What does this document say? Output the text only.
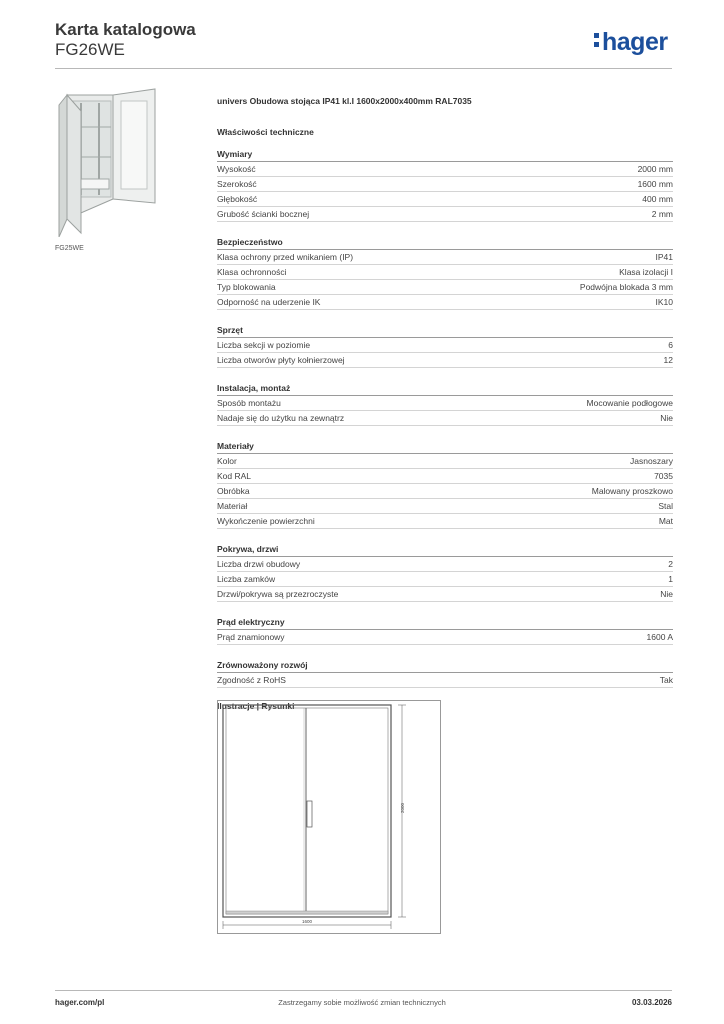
Karta katalogowa
FG26WE	hager
FG25WE
univers Obudowa stojąca IP41 kl.I 1600x2000x400mm RAL7035
Właściwości techniczne
Wymiary
Wysokość	2000 mm
Szerokość	1600 mm
Głębokość	400 mm
Grubość ścianki bocznej	2 mm
Bezpieczeństwo
Klasa ochrony przed wnikaniem (IP)	IP41
Klasa ochronności	Klasa izolacji I
Typ blokowania	Podwójna blokada 3 mm
Odporność na uderzenie IK	IK10
Sprzęt
Liczba sekcji w poziomie	6
Liczba otworów płyty kołnierzowej	12
Instalacja, montaż
Sposób montażu	Mocowanie podłogowe
Nadaje się do użytku na zewnątrz	Nie
Materiały
Kolor	Jasnoszary
Kod RAL	7035
Obróbka	Malowany proszkowo
Materiał	Stal
Wykończenie powierzchni	Mat
Pokrywa, drzwi
Liczba drzwi obudowy	2
Liczba zamków	1
Drzwi/pokrywa są przezroczyste	Nie
Prąd elektryczny
Prąd znamionowy	1600 A
Zrównoważony rozwój
Zgodność z RoHS	Tak
Ilustracje | Rysunki
2000
1600
hager.com/pl	Zastrzegamy sobie możliwość zmian technicznych	03.03.2026
